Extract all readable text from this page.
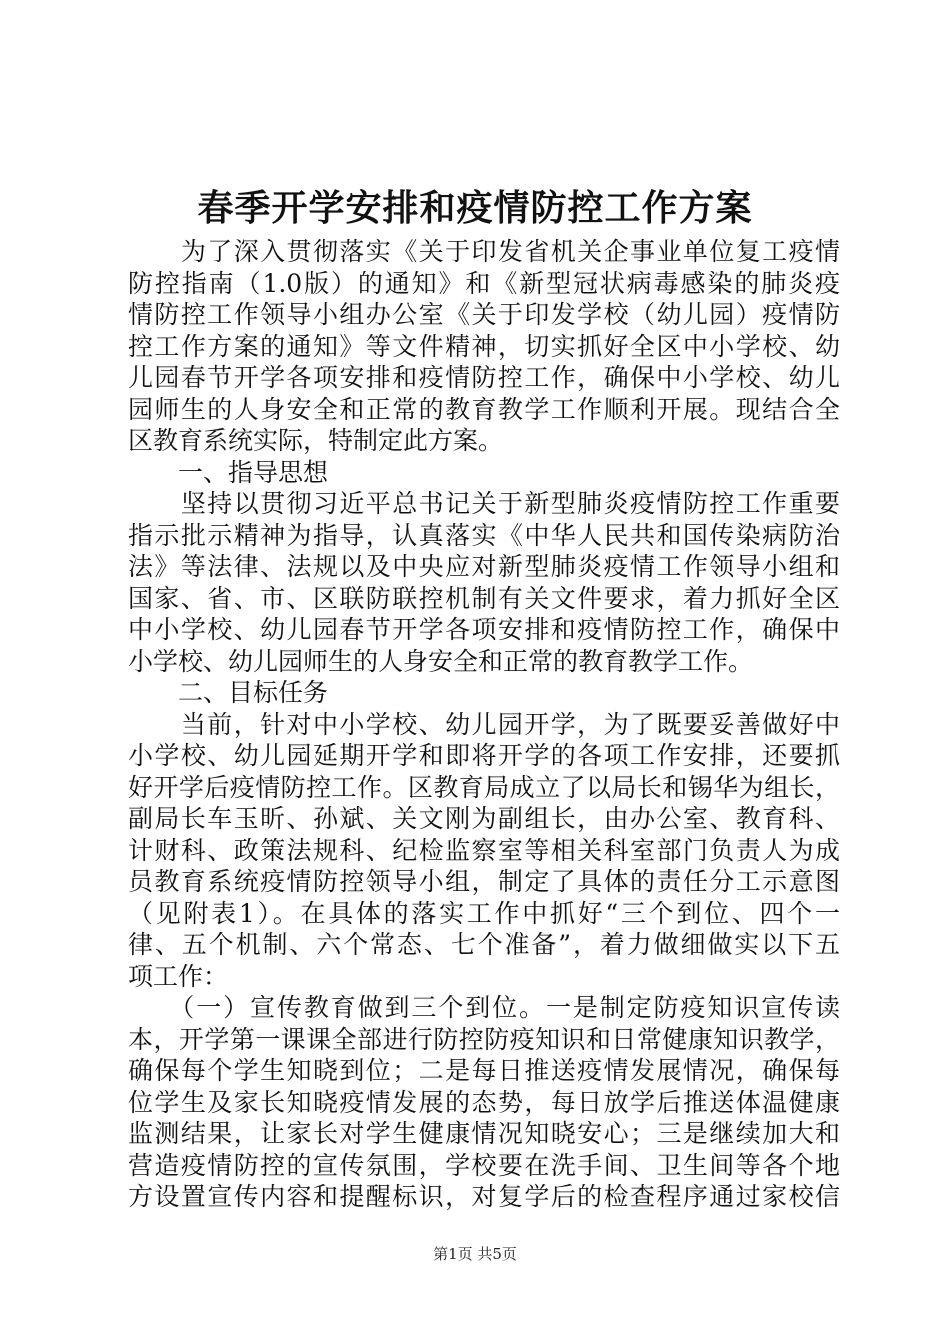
春季开学安排和疫情防控工作方案
　　为了深入贯彻落实《关于印发省机关企事业单位复工疫情
防控指南（1.0版）的通知》和《新型冠状病毒感染的肺炎疫
情防控工作领导小组办公室《关于印发学校（幼儿园）疫情防
控工作方案的通知》等文件精神，切实抓好全区中小学校、幼
儿园春节开学各项安排和疫情防控工作，确保中小学校、幼儿
园师生的人身安全和正常的教育教学工作顺利开展。现结合全
区教育系统实际，特制定此方案。
　　一、指导思想
　　坚持以贯彻习近平总书记关于新型肺炎疫情防控工作重要
指示批示精神为指导，认真落实《中华人民共和国传染病防治
法》等法律、法规以及中央应对新型肺炎疫情工作领导小组和
国家、省、市、区联防联控机制有关文件要求，着力抓好全区
中小学校、幼儿园春节开学各项安排和疫情防控工作，确保中
小学校、幼儿园师生的人身安全和正常的教育教学工作。
　　二、目标任务
　　当前，针对中小学校、幼儿园开学，为了既要妥善做好中
小学校、幼儿园延期开学和即将开学的各项工作安排，还要抓
好开学后疫情防控工作。区教育局成立了以局长和锡华为组长，
副局长车玉昕、孙斌、关文刚为副组长，由办公室、教育科、
计财科、政策法规科、纪检监察室等相关科室部门负责人为成
员教育系统疫情防控领导小组，制定了具体的责任分工示意图
（见附表1）。在具体的落实工作中抓好“三个到位、四个一
律、五个机制、六个常态、七个准备”，着力做细做实以下五
项工作：
　　（一）宣传教育做到三个到位。一是制定防疫知识宣传读
本，开学第一课课全部进行防控防疫知识和日常健康知识教学，
确保每个学生知晓到位；二是每日推送疫情发展情况，确保每
位学生及家长知晓疫情发展的态势，每日放学后推送体温健康
监测结果，让家长对学生健康情况知晓安心；三是继续加大和
营造疫情防控的宣传氛围，学校要在洗手间、卫生间等各个地
方设置宣传内容和提醒标识，对复学后的检查程序通过家校信
第1页 共5页
